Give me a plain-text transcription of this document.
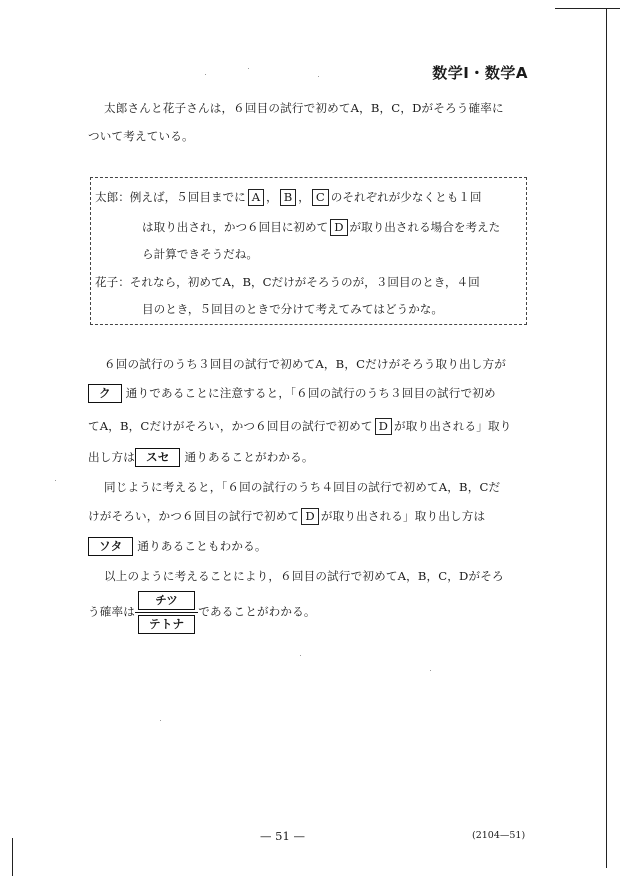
数学Ⅰ・数学A
太郎さんと花子さんは，６回目の試行で初めてA，B，C，Dがそろう確率に
ついて考えている。
太郎：例えば，５回目までに A ， B ， C のそれぞれが少なくとも１回
は取り出され，かつ６回目に初めて D が取り出される場合を考えた
ら計算できそうだね。
花子：それなら，初めてA，B，Cだけがそろうのが，３回目のとき，４回
目のとき，５回目のときで分けて考えてみてはどうかな。
６回の試行のうち３回目の試行で初めてA，B，Cだけがそろう取り出し方が
ク 通りであることに注意すると，「６回の試行のうち３回目の試行で初め
てA，B，Cだけがそろい，かつ６回目の試行で初めて D が取り出される」取り
出し方は スセ 通りあることがわかる。
同じように考えると，「６回の試行のうち４回目の試行で初めてA，B，Cだ
けがそろい，かつ６回目の試行で初めて D が取り出される」取り出し方は
ソタ 通りあることもわかる。
以上のように考えることにより，６回目の試行で初めてA，B，C，Dがそろ
う確率は $\frac{\text{チツ}}{\text{テトナ}}$ であることがわかる。
— 51 —	(2104—51)
